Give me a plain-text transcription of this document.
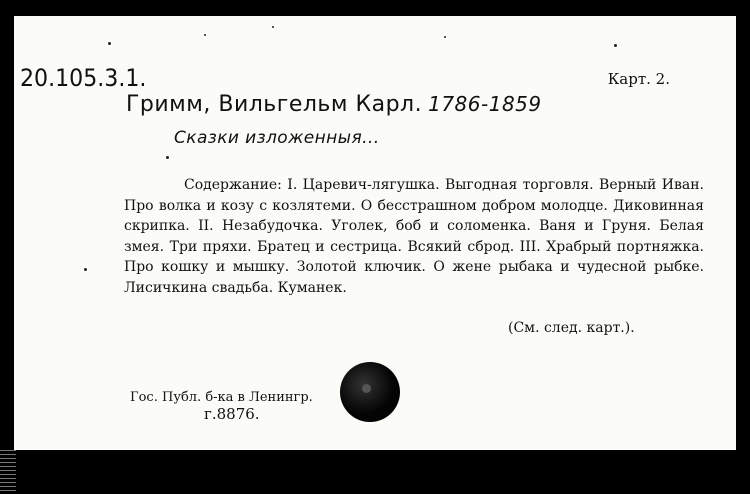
20.105.3.1.	Карт. 2.
Гримм, Вильгельм Карл. 1786-1859
Сказки изложенныя...
Содержание: I. Царевич-лягушка. Выгодная торговля. Верный Иван. Про волка и козу с козлятеми. О бесстрашном добром молодце. Диковинная скрипка. II. Незабудочка. Уголек, боб и соломенка. Ваня и Груня. Белая змея. Три пряхи. Братец и сестрица. Всякий сброд. III. Храбрый портняжка. Про кошку и мышку. Золотой ключик. О жене рыбака и чудесной рыбке. Лисичкина свадьба. Куманек.
(См. след. карт.).
Гос. Публ. б-ка в Ленингр.
г.8876.
